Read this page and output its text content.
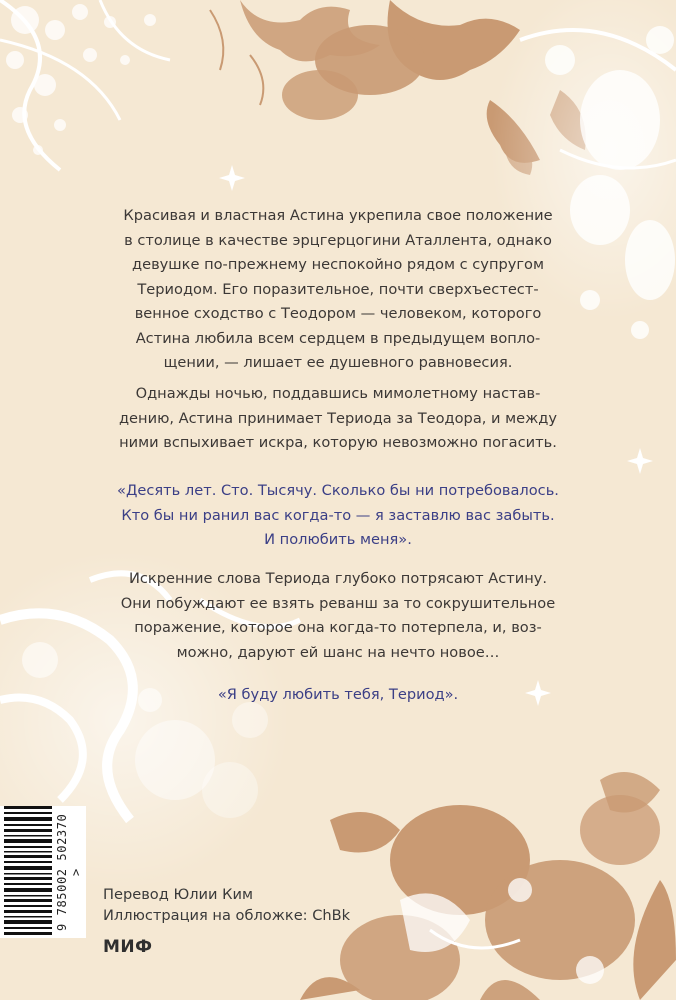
Красивая и властная Астина укрепила свое положение
в столице в качестве эрцгерцогини Аталлента, однако
девушке по-прежнему неспокойно рядом с супругом
Териодом. Его поразительное, почти сверхъестест-
венное сходство с Теодором — человеком, которого
Астина любила всем сердцем в предыдущем вопло-
щении, — лишает ее душевного равновесия.
Однажды ночью, поддавшись мимолетному настав-
дению, Астина принимает Териода за Теодора, и между
ними вспыхивает искра, которую невозможно погасить.
«Десять лет. Сто. Тысячу. Сколько бы ни потребовалось.
Кто бы ни ранил вас когда-то — я заставлю вас забыть.
И полюбить меня».
Искренние слова Териода глубоко потрясают Астину.
Они побуждают ее взять реванш за то сокрушительное
поражение, которое она когда-то потерпела, и, воз-
можно, даруют ей шанс на нечто новое…
«Я буду любить тебя, Териод».
9 785002 502370 >
Перевод Юлии Ким
Иллюстрация на обложке: ChBk
МИФ
